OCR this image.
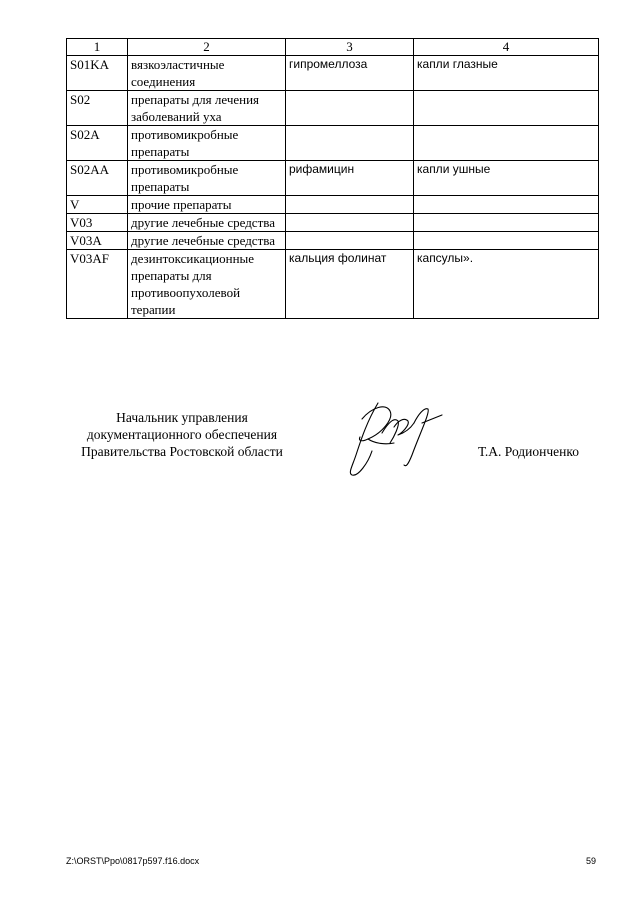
1	2	3	4
S01KA	вязкоэластичные соединения	гипромеллоза	капли глазные
S02	препараты для лечения заболеваний уха		
S02A	противомикробные препараты		
S02AA	противомикробные препараты	рифамицин	капли ушные
V	прочие препараты		
V03	другие лечебные средства		
V03A	другие лечебные средства		
V03AF	дезинтоксикационные препараты для противоопухолевой терапии	кальция фолинат	капсулы».
Начальник управления
документационного обеспечения
Правительства Ростовской области	Т.А. Родионченко
Z:\ORST\Ppo\0817p597.f16.docx	59
